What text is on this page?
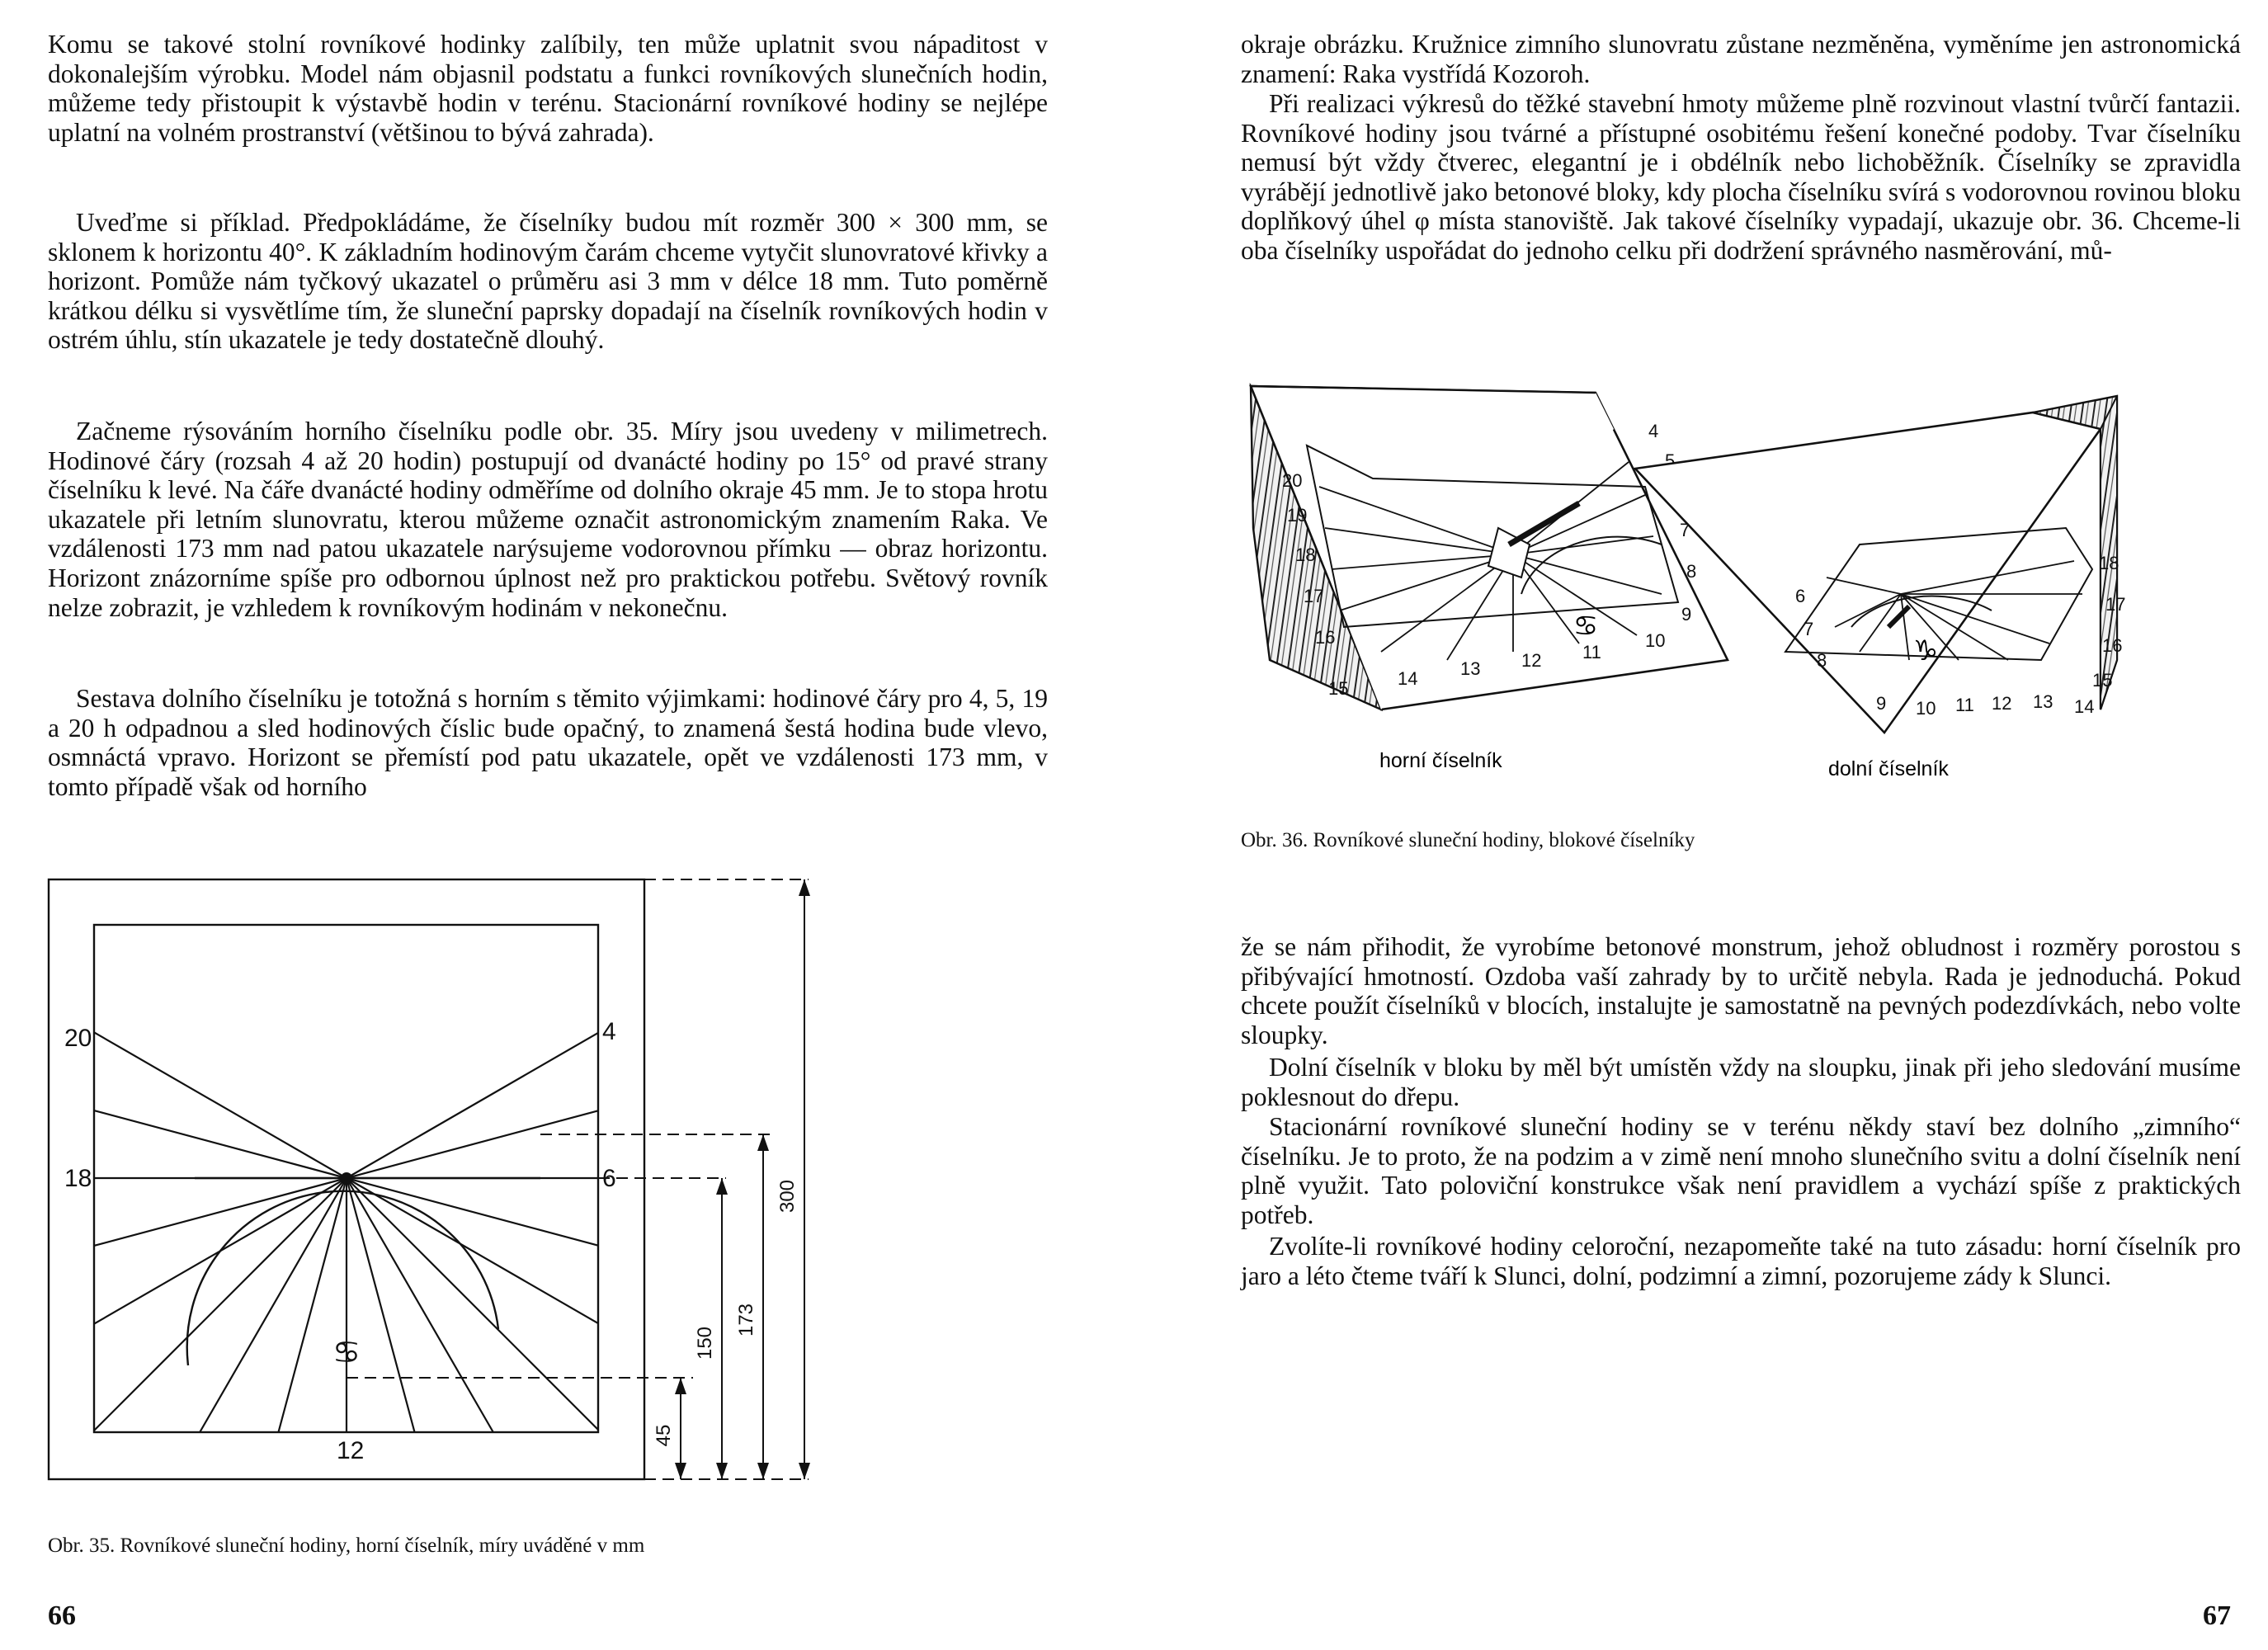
Komu se takové stolní rovníkové hodinky zalíbily, ten může uplatnit svou nápaditost v dokonalejším výrobku. Model nám objasnil podstatu a funkci rovníkových slunečních hodin, můžeme tedy přistoupit k výstavbě hodin v terénu. Stacionární rovníkové hodiny se nejlépe uplatní na volném prostranství (většinou to bývá zahrada).

Uveďme si příklad. Předpokládáme, že číselníky budou mít rozměr 300 × 300 mm, se sklonem k horizontu 40°. K základním hodinovým čarám chceme vytyčit slunovratové křivky a horizont. Pomůže nám tyčkový ukazatel o průměru asi 3 mm v délce 18 mm. Tuto poměrně krátkou délku si vysvětlíme tím, že sluneční paprsky dopadají na číselník rovníkových hodin v ostrém úhlu, stín ukazatele je tedy dostatečně dlouhý.

Začneme rýsováním horního číselníku podle obr. 35. Míry jsou uvedeny v milimetrech. Hodinové čáry (rozsah 4 až 20 hodin) postupují od dvanácté hodiny po 15° od pravé strany číselníku k levé. Na čáře dvanácté hodiny odměříme od dolního okraje 45 mm. Je to stopa hrotu ukazatele při letním slunovratu, kterou můžeme označit astronomickým znamením Raka. Ve vzdálenosti 173 mm nad patou ukazatele narýsujeme vodorovnou přímku — obraz horizontu. Horizont znázorníme spíše pro odbornou úplnost než pro praktickou potřebu. Světový rovník nelze zobrazit, je vzhledem k rovníkovým hodinám v nekonečnu.

Sestava dolního číselníku je totožná s horním s těmito výjimkami: hodinové čáry pro 4, 5, 19 a 20 h odpadnou a sled hodinových číslic bude opačný, to znamená šestá hodina bude vlevo, osmnáctá vpravo. Horizont se přemístí pod patu ukazatele, opět ve vzdálenosti 173 mm, v tomto případě však od horního

20	4
18	6
12
♋
300
173
150
45

Obr. 35. Rovníkové sluneční hodiny, horní číselník, míry uváděné v mm

66

okraje obrázku. Kružnice zimního slunovratu zůstane nezměněna, vyměníme jen astronomická znamení: Raka vystřídá Kozoroh.

Při realizaci výkresů do těžké stavební hmoty můžeme plně rozvinout vlastní tvůrčí fantazii. Rovníkové hodiny jsou tvárné a přístupné osobitému řešení konečné podoby. Tvar číselníku nemusí být vždy čtverec, elegantní je i obdélník nebo lichoběžník. Číselníky se zpravidla vyrábějí jednotlivě jako betonové bloky, kdy plocha číselníku svírá s vodorovnou rovinou bloku doplňkový úhel φ místa stanoviště. Jak takové číselníky vypadají, ukazuje obr. 36. Chceme-li oba číselníky uspořádat do jednoho celku při dodržení správného nasměrování, mů-

20
19
18
17
16
15	14 13 12 11
10
9
8
7
5
4
♋
6
7
8
9 10 11 12 13 14
15
16
17
18
♑
horní číselník	dolní číselník

Obr. 36. Rovníkové sluneční hodiny, blokové číselníky

že se nám přihodit, že vyrobíme betonové monstrum, jehož obludnost i rozměry porostou s přibývající hmotností. Ozdoba vaší zahrady by to určitě nebyla. Rada je jednoduchá. Pokud chcete použít číselníků v blocích, instalujte je samostatně na pevných podezdívkách, nebo volte sloupky.

Dolní číselník v bloku by měl být umístěn vždy na sloupku, jinak při jeho sledování musíme poklesnout do dřepu.

Stacionární rovníkové sluneční hodiny se v terénu někdy staví bez dolního „zimního“ číselníku. Je to proto, že na podzim a v zimě není mnoho slunečního svitu a dolní číselník není plně využit. Tato poloviční konstrukce však není pravidlem a vychází spíše z praktických potřeb.

Zvolíte-li rovníkové hodiny celoroční, nezapomeňte také na tuto zásadu: horní číselník pro jaro a léto čteme tváří k Slunci, dolní, podzimní a zimní, pozorujeme zády k Slunci.

67
